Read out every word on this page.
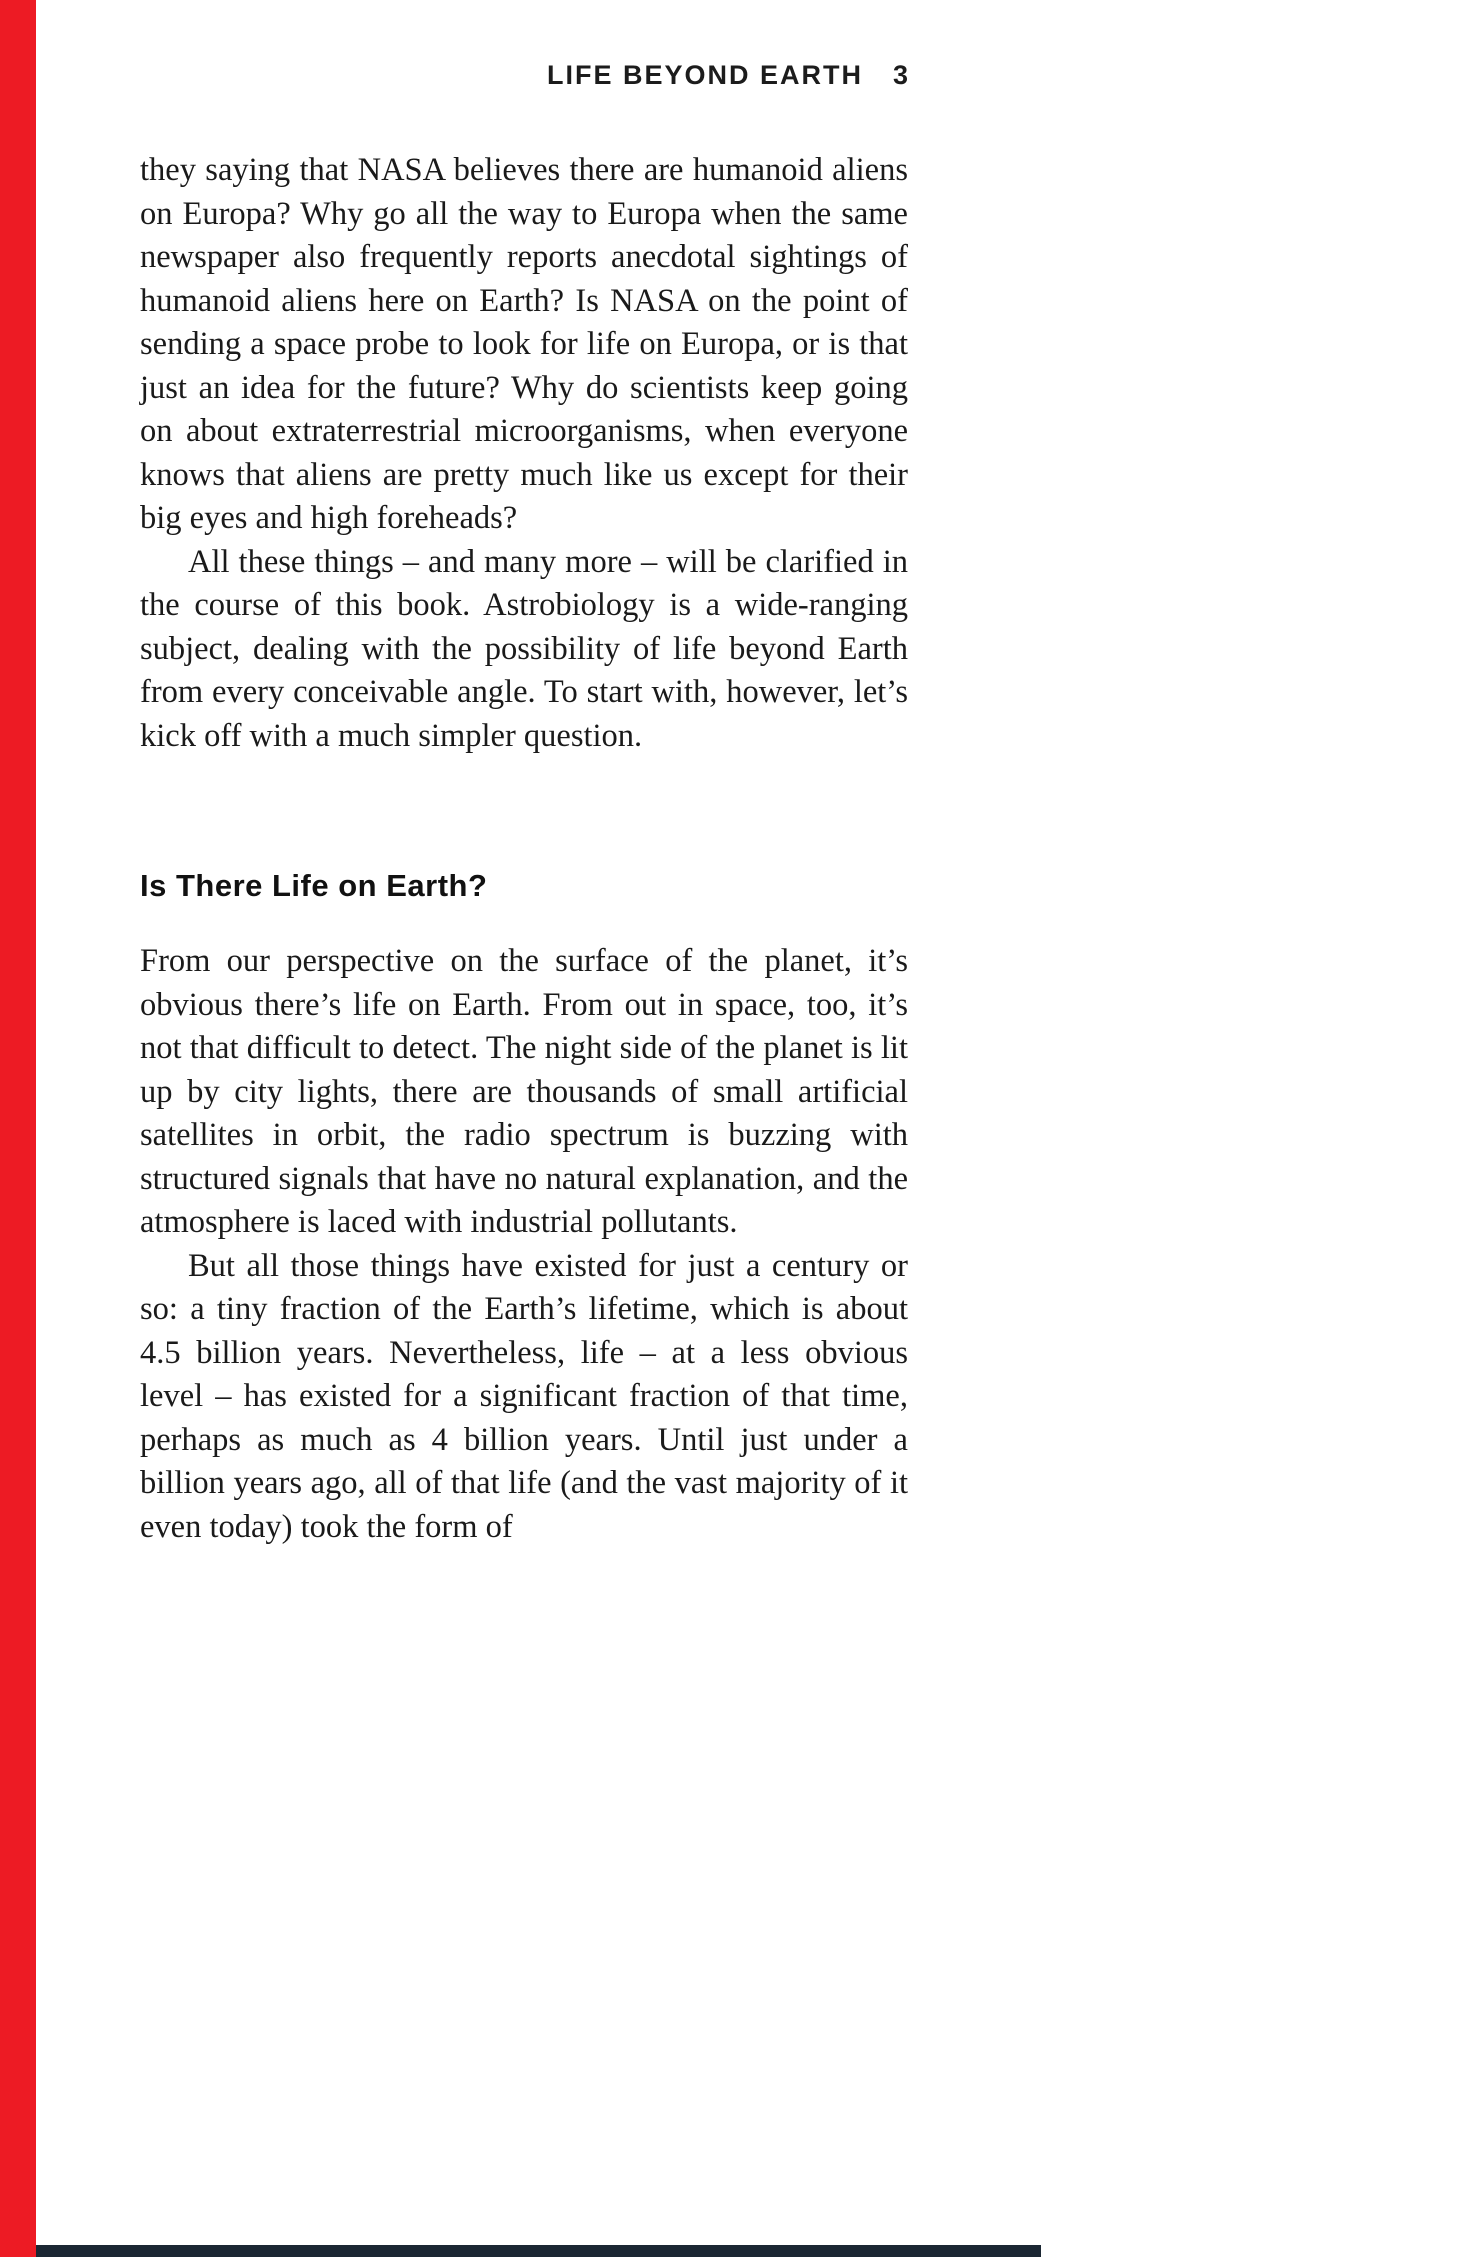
LIFE BEYOND EARTH 3

they saying that NASA believes there are humanoid aliens on Europa? Why go all the way to Europa when the same newspaper also frequently reports anecdotal sightings of humanoid aliens here on Earth? Is NASA on the point of sending a space probe to look for life on Europa, or is that just an idea for the future? Why do scientists keep going on about extraterrestrial microorganisms, when everyone knows that aliens are pretty much like us except for their big eyes and high foreheads?

All these things – and many more – will be clarified in the course of this book. Astrobiology is a wide-ranging subject, dealing with the possibility of life beyond Earth from every conceivable angle. To start with, however, let’s kick off with a much simpler question.

Is There Life on Earth?

From our perspective on the surface of the planet, it’s obvious there’s life on Earth. From out in space, too, it’s not that difficult to detect. The night side of the planet is lit up by city lights, there are thousands of small artificial satellites in orbit, the radio spectrum is buzzing with structured signals that have no natural explanation, and the atmosphere is laced with industrial pollutants.

But all those things have existed for just a century or so: a tiny fraction of the Earth’s lifetime, which is about 4.5 billion years. Nevertheless, life – at a less obvious level – has existed for a significant fraction of that time, perhaps as much as 4 billion years. Until just under a billion years ago, all of that life (and the vast majority of it even today) took the form of
